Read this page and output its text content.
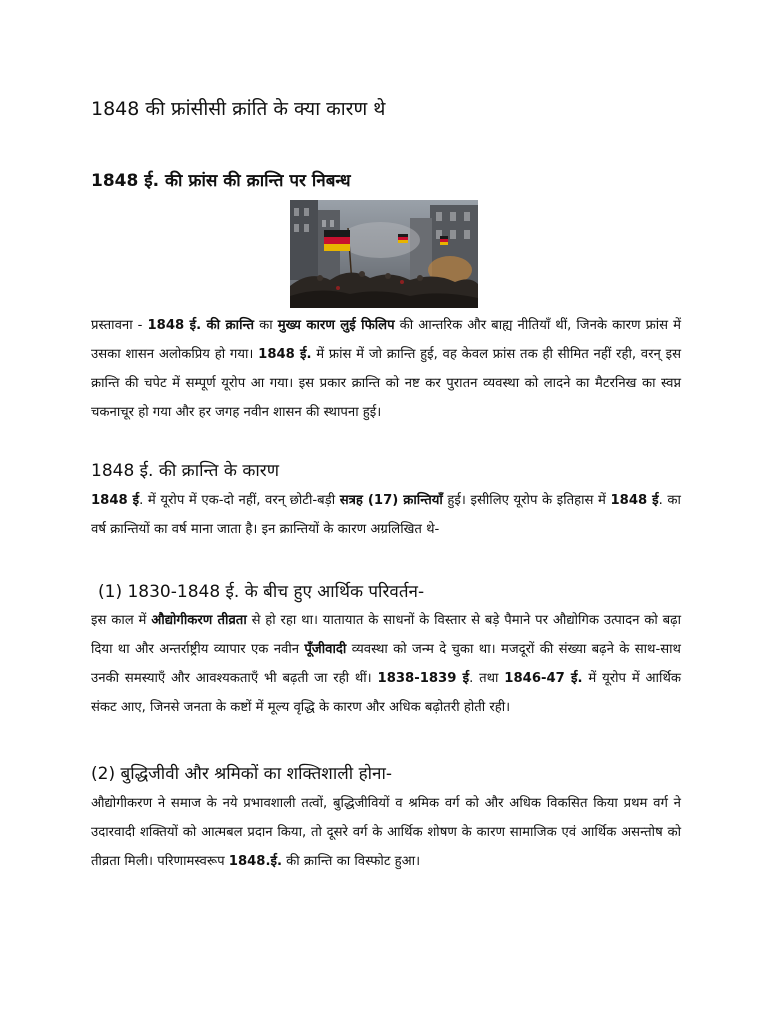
1848 की फ्रांसीसी क्रांति के क्या कारण थे
1848 ई. की फ्रांस की क्रान्ति पर निबन्ध

प्रस्तावना - 1848 ई. की क्रान्ति का मुख्य कारण लुई फिलिप की आन्तरिक और बाह्य नीतियाँ थीं, जिनके कारण फ्रांस में उसका शासन अलोकप्रिय हो गया। 1848 ई. में फ्रांस में जो क्रान्ति हुई, वह केवल फ्रांस तक ही सीमित नहीं रही, वरन् इस क्रान्ति की चपेट में सम्पूर्ण यूरोप आ गया। इस प्रकार क्रान्ति को नष्ट कर पुरातन व्यवस्था को लादने का मैटरनिख का स्वप्न चकनाचूर हो गया और हर जगह नवीन शासन की स्थापना हुई।

1848 ई. की क्रान्ति के कारण

1848 ई. में यूरोप में एक-दो नहीं, वरन् छोटी-बड़ी सत्रह (17) क्रान्तियाँ हुई। इसीलिए यूरोप के इतिहास में 1848 ई. का वर्ष क्रान्तियों का वर्ष माना जाता है। इन क्रान्तियों के कारण अग्रलिखित थे-

(1) 1830-1848 ई. के बीच हुए आर्थिक परिवर्तन-

इस काल में औद्योगीकरण तीव्रता से हो रहा था। यातायात के साधनों के विस्तार से बड़े पैमाने पर औद्योगिक उत्पादन को बढ़ा दिया था और अन्तर्राष्ट्रीय व्यापार एक नवीन पूँजीवादी व्यवस्था को जन्म दे चुका था। मजदूरों की संख्या बढ़ने के साथ-साथ उनकी समस्याएँ और आवश्यकताएँ भी बढ़ती जा रही थीं। 1838-1839 ई. तथा 1846-47 ई. में यूरोप में आर्थिक संकट आए, जिनसे जनता के कष्टों में मूल्य वृद्धि के कारण और अधिक बढ़ोतरी होती रही।

(2) बुद्धिजीवी और श्रमिकों का शक्तिशाली होना-

औद्योगीकरण ने समाज के नये प्रभावशाली तत्वों, बुद्धिजीवियों व श्रमिक वर्ग को और अधिक विकसित किया प्रथम वर्ग ने उदारवादी शक्तियों को आत्मबल प्रदान किया, तो दूसरे वर्ग के आर्थिक शोषण के कारण सामाजिक एवं आर्थिक असन्तोष को तीव्रता मिली। परिणामस्वरूप 1848.ई. की क्रान्ति का विस्फोट हुआ।
